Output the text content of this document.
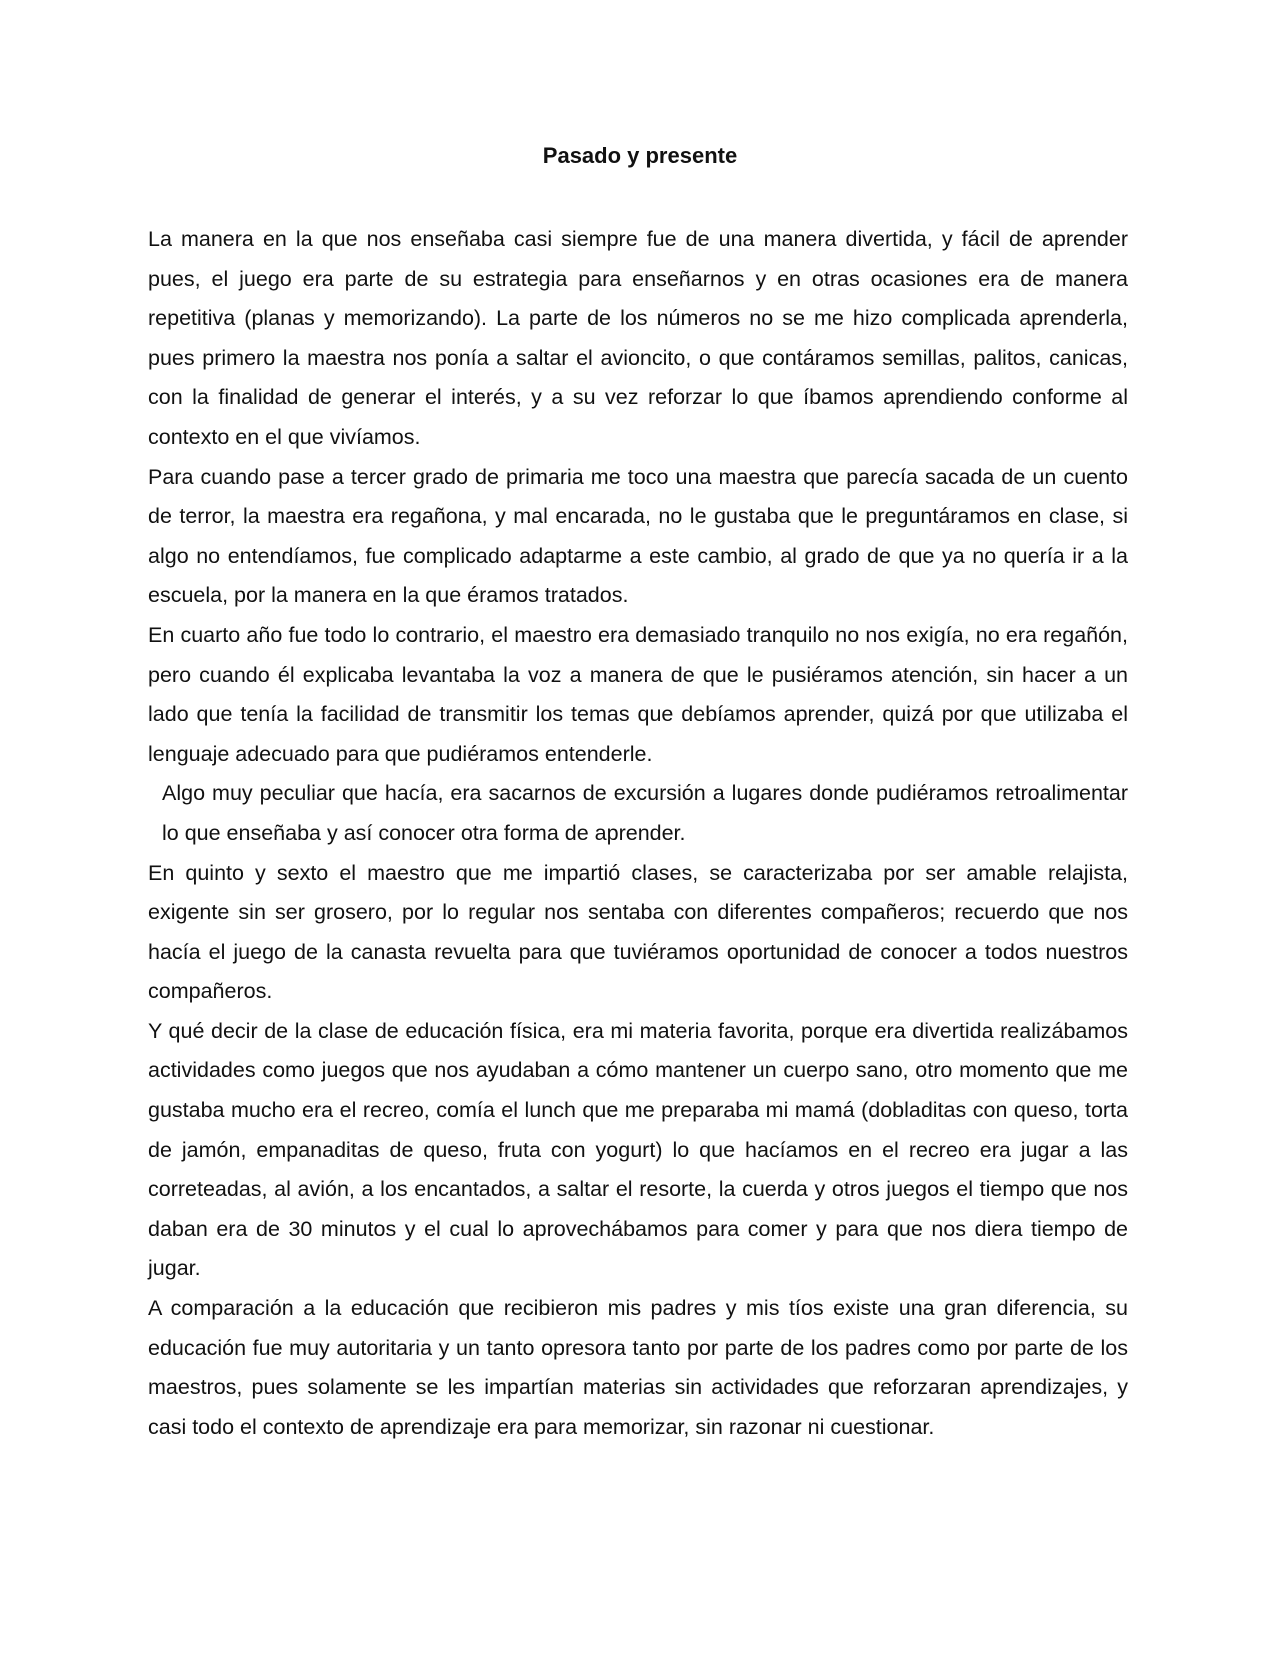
Pasado y presente

La manera en la que nos enseñaba casi siempre fue de una manera divertida, y fácil de aprender pues, el juego era parte de su estrategia para enseñarnos y en otras ocasiones era de manera repetitiva (planas y memorizando). La parte de los números no se me hizo complicada aprenderla, pues primero la maestra nos ponía a saltar el avioncito, o que contáramos semillas, palitos, canicas, con la finalidad de generar el interés, y a su vez reforzar lo que íbamos aprendiendo conforme al contexto en el que vivíamos.

Para cuando pase a tercer grado de primaria me toco una maestra que parecía sacada de un cuento de terror, la maestra era regañona, y mal encarada, no le gustaba que le preguntáramos en clase, si algo no entendíamos, fue complicado adaptarme a este cambio, al grado de que ya no quería ir a la escuela, por la manera en la que éramos tratados.

En cuarto año fue todo lo contrario, el maestro era demasiado tranquilo no nos exigía, no era regañón, pero cuando él explicaba levantaba la voz a manera de que le pusiéramos atención, sin hacer a un lado que tenía la facilidad de transmitir los temas que debíamos aprender, quizá por que utilizaba el lenguaje adecuado para que pudiéramos entenderle.

Algo muy peculiar que hacía, era sacarnos de excursión a lugares donde pudiéramos retroalimentar lo que enseñaba y así conocer otra forma de aprender.

En quinto y sexto el maestro que me impartió clases, se caracterizaba por ser amable relajista, exigente sin ser grosero, por lo regular nos sentaba con diferentes compañeros; recuerdo que nos hacía el juego de la canasta revuelta para que tuviéramos oportunidad de conocer a todos nuestros compañeros.

Y qué decir de la clase de educación física, era mi materia favorita, porque era divertida realizábamos actividades como juegos que nos ayudaban a cómo mantener un cuerpo sano, otro momento que me gustaba mucho era el recreo, comía el lunch que me preparaba mi mamá (dobladitas con queso, torta de jamón, empanaditas de queso, fruta con yogurt) lo que hacíamos en el recreo era jugar a las correteadas, al avión, a los encantados, a saltar el resorte, la cuerda y otros juegos el tiempo que nos daban era de 30 minutos y el cual lo aprovechábamos para comer y para que nos diera tiempo de jugar.

A comparación a la educación que recibieron mis padres y mis tíos existe una gran diferencia, su educación fue muy autoritaria y un tanto opresora tanto por parte de los padres como por parte de los maestros, pues solamente se les impartían materias sin actividades que reforzaran aprendizajes, y casi todo el contexto de aprendizaje era para memorizar, sin razonar ni cuestionar.
